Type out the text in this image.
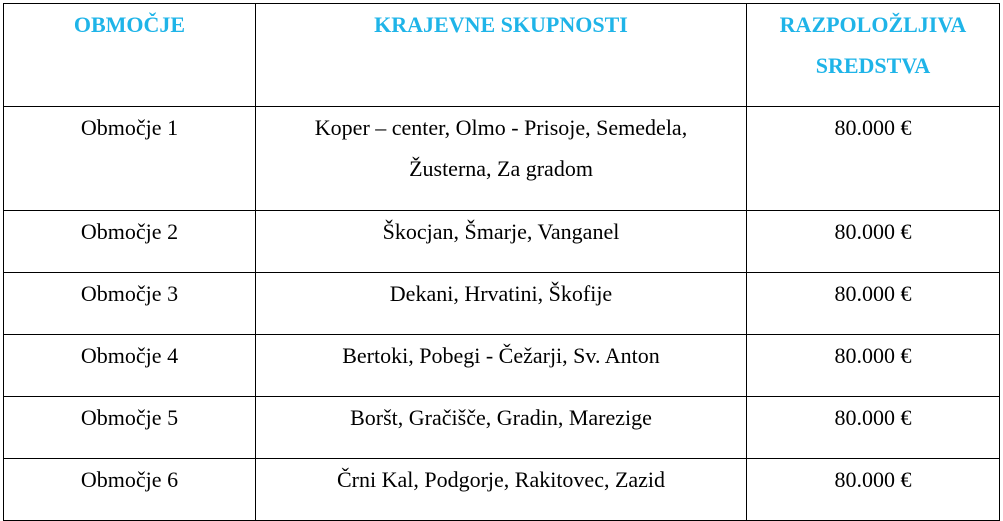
OBMOČJE	KRAJEVNE SKUPNOSTI	RAZPOLOŽLJIVA SREDSTVA
Območje 1	Koper – center, Olmo - Prisoje, Semedela, Žusterna, Za gradom	80.000 €
Območje 2	Škocjan, Šmarje, Vanganel	80.000 €
Območje 3	Dekani, Hrvatini, Škofije	80.000 €
Območje 4	Bertoki, Pobegi - Čežarji, Sv. Anton	80.000 €
Območje 5	Boršt, Gračišče, Gradin, Marezige	80.000 €
Območje 6	Črni Kal, Podgorje, Rakitovec, Zazid	80.000 €
